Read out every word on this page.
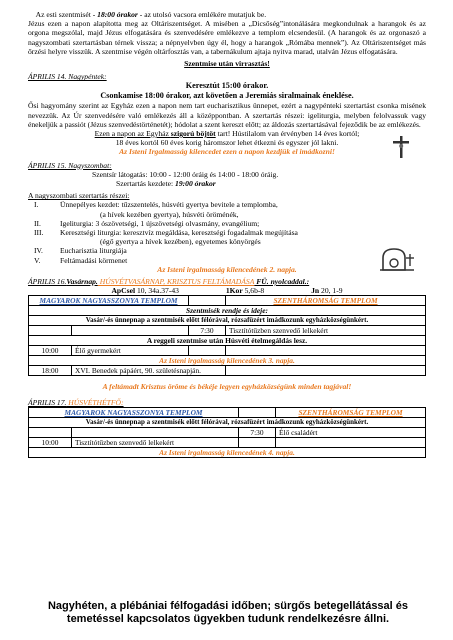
Az esti szentmisét - 18:00 órakor - az utolsó vacsora emlékére mutatjuk be.

Jézus ezen a napon alapította meg az Oltáriszentséget. A misében a „Dicsőség”intonálására megkondulnak a harangok és az orgona megszólal, majd Jézus elfogatására és szenvedésére emlékezve a templom elcsendesül. (A harangok és az orgonaszó a nagyszombati szertartásban térnek vissza; a népnyelvben úgy él, hogy a harangok „Rómába mennek”). Az Oltáriszentséget más őrzési helyre visszük. A szentmise végén oltárfosztás van, a tabernákulum ajtaja nyitva marad, utalván Jézus elfogatására.

Szentmise után virrasztás!

ÁPRILIS 14. Nagypéntek:

Keresztút 15:00 órakor.

Csonkamise 18:00 órakor, azt követően a Jeremiás siralmainak éneklése.

Ősi hagyomány szerint az Egyház ezen a napon nem tart eucharisztikus ünnepet, ezért a nagypénteki szertartást csonka misének nevezzük. Az Úr szenvedésére való emlékezés áll a középpontban. A szertartás részei: igeliturgia, melyben felolvassuk vagy énekeljük a passiót (Jézus szenvedéstörténetét); hódolat a szent kereszt előtt; az áldozás szertartásával fejeződik be az emlékezés.

Ezen a napon az Egyház szigorú böjtöt tart! Hústilalom van érvényben 14 éves kortól;

18 éves kortól 60 éves korig háromszor lehet étkezni és egyszer jól lakni.

Az Isteni Irgalmasság kilencedet ezen a napon kezdjük el imádkozni!

ÁPRILIS 15. Nagyszombat:

Szentsír látogatás: 10:00 - 12:00 óráig és 14:00 - 18:00 óráig.

Szertartás kezdete: 19:00 órakor

A nagyszombati szertartás részei:

I.	Ünnepélyes kezdet: tűzszentelés, húsvéti gyertya bevitele a templomba,
(a hívek kezében gyertya), húsvéti öröménék,
II.	Igeliturgia: 3 ószövetségi, 1 újszövetségi olvasmány, evangélium;
III.	Keresztségi liturgia: keresztvíz megáldása, keresztségi fogadalmak megújítása
(égő gyertya a hívek kezében), egyetemes könyörgés
IV.	Eucharisztia liturgiája
V.	Feltámadási körmenet

Az Isteni irgalmasság kilencedének 2. napja.

ÁPRILIS 16.Vasárnap. HÚSVÉTVASÁRNAP, KRISZTUS FELTÁMADÁSA FÜ. nyolcaddal.:

ApCsel 10, 34a.37-43	1Kor 5,6b-8	Jn 20, 1-9

MAGYAROK NAGYASSZONYA TEMPLOM			SZENTHÁROMSÁG TEMPLOM
Szentmisék rendje és ideje:			
Vasár/-és ünnepnap a szentmisék előtt félórával, rózsafüzért imádkozunk egyházközségünkért.			
		7:30	Tisztítótűzben szenvedő lelkekért
A reggeli szentmise után Húsvéti ételmegáldás lesz.			
10:00	Élő gyermekért		
Az Isteni irgalmasság kilencedének 3. napja.			
18:00	XVI. Benedek pápáért, 90. születésnapján.		

A feltámadt Krisztus öröme és békéje legyen egyházközségünk minden tagjával!

ÁPRILIS 17. HÚSVÉTHÉTFŐ:

MAGYAROK NAGYASSZONYA TEMPLOM			SZENTHÁROMSÁG TEMPLOM
Vasár/-és ünnepnap a szentmisék előtt félórával, rózsafüzért imádkozunk egyházközségünkért.			
		7:30	Élő családért
10:00	Tisztítótűzben szenvedő lelkekért		
Az Isteni irgalmasság kilencedének 4. napja.			
Nagyhéten, a plébániai félfogadási időben; sürgős betegellátással és temetéssel kapcsolatos ügyekben tudunk rendelkezésre állni.
